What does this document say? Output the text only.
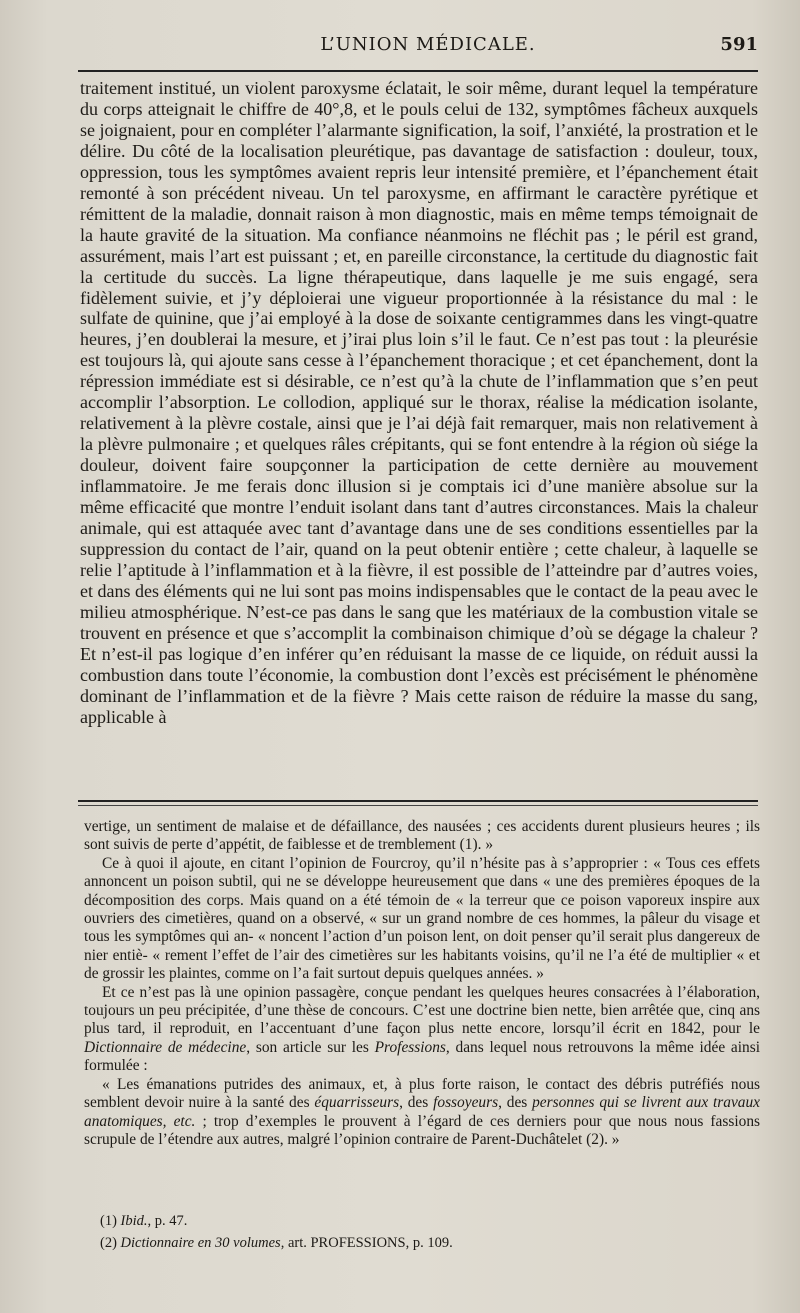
L’UNION MÉDICALE.	591

traitement institué, un violent paroxysme éclatait, le soir même, durant lequel la température du corps atteignait le chiffre de 40°,8, et le pouls celui de 132, symptômes fâcheux auxquels se joignaient, pour en compléter l’alarmante signification, la soif, l’anxiété, la prostration et le délire. Du côté de la localisation pleurétique, pas davantage de satisfaction : douleur, toux, oppression, tous les symptômes avaient repris leur intensité première, et l’épanchement était remonté à son précédent niveau. Un tel paroxysme, en affirmant le caractère pyrétique et rémittent de la maladie, donnait raison à mon diagnostic, mais en même temps témoignait de la haute gravité de la situation. Ma confiance néanmoins ne fléchit pas ; le péril est grand, assurément, mais l’art est puissant ; et, en pareille circonstance, la certitude du diagnostic fait la certitude du succès. La ligne thérapeutique, dans laquelle je me suis engagé, sera fidèlement suivie, et j’y déploierai une vigueur proportionnée à la résistance du mal : le sulfate de quinine, que j’ai employé à la dose de soixante centigrammes dans les vingt-quatre heures, j’en doublerai la mesure, et j’irai plus loin s’il le faut. Ce n’est pas tout : la pleurésie est toujours là, qui ajoute sans cesse à l’épanchement thoracique ; et cet épanchement, dont la répression immédiate est si désirable, ce n’est qu’à la chute de l’inflammation que s’en peut accomplir l’absorption. Le collodion, appliqué sur le thorax, réalise la médication isolante, relativement à la plèvre costale, ainsi que je l’ai déjà fait remarquer, mais non relativement à la plèvre pulmonaire ; et quelques râles crépitants, qui se font entendre à la région où siége la douleur, doivent faire soupçonner la participation de cette dernière au mouvement inflammatoire. Je me ferais donc illusion si je comptais ici d’une manière absolue sur la même efficacité que montre l’enduit isolant dans tant d’autres circonstances. Mais la chaleur animale, qui est attaquée avec tant d’avantage dans une de ses conditions essentielles par la suppression du contact de l’air, quand on la peut obtenir entière ; cette chaleur, à laquelle se relie l’aptitude à l’inflammation et à la fièvre, il est possible de l’atteindre par d’autres voies, et dans des éléments qui ne lui sont pas moins indispensables que le contact de la peau avec le milieu atmosphérique. N’est-ce pas dans le sang que les matériaux de la combustion vitale se trouvent en présence et que s’accomplit la combinaison chimique d’où se dégage la chaleur ? Et n’est-il pas logique d’en inférer qu’en réduisant la masse de ce liquide, on réduit aussi la combustion dans toute l’économie, la combustion dont l’excès est précisément le phénomène dominant de l’inflammation et de la fièvre ? Mais cette raison de réduire la masse du sang, applicable à

vertige, un sentiment de malaise et de défaillance, des nausées ; ces accidents durent plusieurs heures ; ils sont suivis de perte d’appétit, de faiblesse et de tremblement (1). »

Ce à quoi il ajoute, en citant l’opinion de Fourcroy, qu’il n’hésite pas à s’approprier : « Tous ces effets annoncent un poison subtil, qui ne se développe heureusement que dans « une des premières époques de la décomposition des corps. Mais quand on a été témoin de « la terreur que ce poison vaporeux inspire aux ouvriers des cimetières, quand on a observé, « sur un grand nombre de ces hommes, la pâleur du visage et tous les symptômes qui an- « noncent l’action d’un poison lent, on doit penser qu’il serait plus dangereux de nier entiè- « rement l’effet de l’air des cimetières sur les habitants voisins, qu’il ne l’a été de multiplier « et de grossir les plaintes, comme on l’a fait surtout depuis quelques années. »

Et ce n’est pas là une opinion passagère, conçue pendant les quelques heures consacrées à l’élaboration, toujours un peu précipitée, d’une thèse de concours. C’est une doctrine bien nette, bien arrêtée que, cinq ans plus tard, il reproduit, en l’accentuant d’une façon plus nette encore, lorsqu’il écrit en 1842, pour le Dictionnaire de médecine, son article sur les Professions, dans lequel nous retrouvons la même idée ainsi formulée :

« Les émanations putrides des animaux, et, à plus forte raison, le contact des débris putréfiés nous semblent devoir nuire à la santé des équarrisseurs, des fossoyeurs, des personnes qui se livrent aux travaux anatomiques, etc. ; trop d’exemples le prouvent à l’égard de ces derniers pour que nous nous fassions scrupule de l’étendre aux autres, malgré l’opinion contraire de Parent-Duchâtelet (2). »

(1) Ibid., p. 47.
(2) Dictionnaire en 30 volumes, art. PROFESSIONS, p. 109.
